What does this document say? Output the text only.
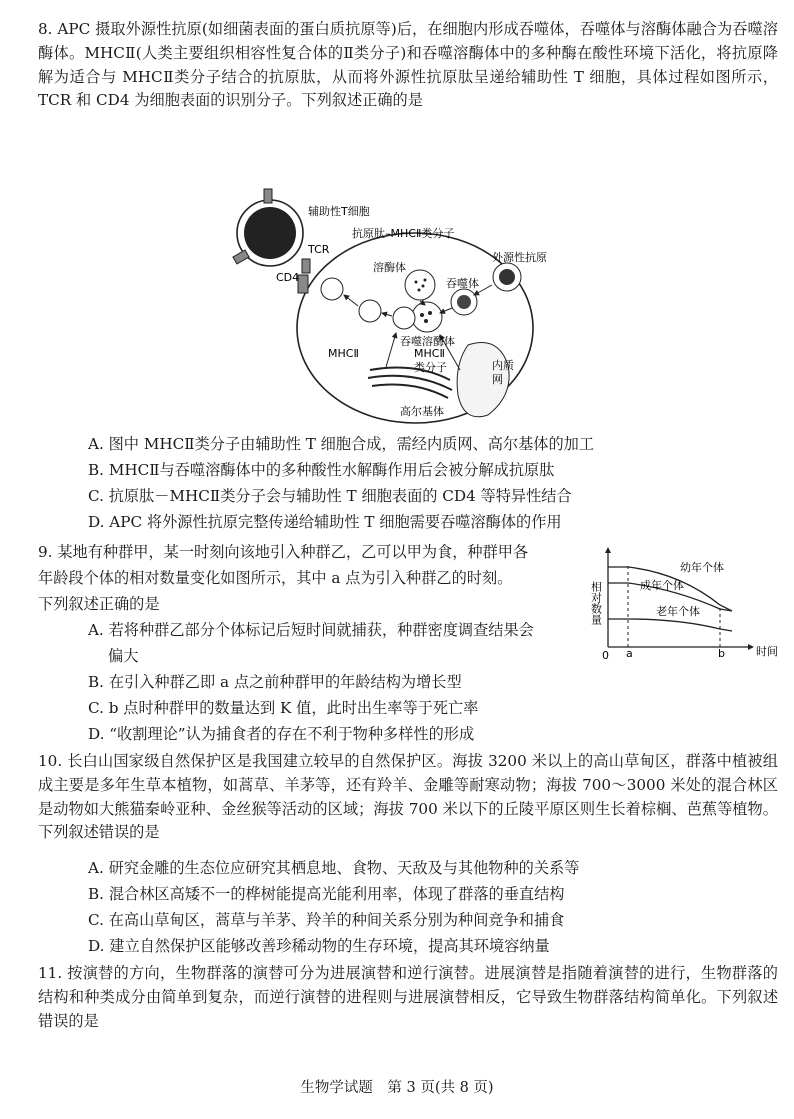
8. APC 摄取外源性抗原(如细菌表面的蛋白质抗原等)后，在细胞内形成吞噬体，吞噬体与溶酶体融合为吞噬溶酶体。MHCⅡ(人类主要组织相容性复合体的Ⅱ类分子)和吞噬溶酶体中的多种酶在酸性环境下活化，将抗原降解为适合与 MHCⅡ类分子结合的抗原肽，从而将外源性抗原肽呈递给辅助性 T 细胞，具体过程如图所示，TCR 和 CD4 为细胞表面的识别分子。下列叙述正确的是

辅助性T细胞
TCR
CD4
抗原肽–MHCⅡ类分子
外源性抗原
溶酶体
吞噬体
吞噬溶酶体
MHCⅡ	MHCⅡ
类分子	内质
网
高尔基体
A. 图中 MHCⅡ类分子由辅助性 T 细胞合成，需经内质网、高尔基体的加工
B. MHCⅡ与吞噬溶酶体中的多种酸性水解酶作用后会被分解成抗原肽
C. 抗原肽－MHCⅡ类分子会与辅助性 T 细胞表面的 CD4 等特异性结合
D. APC 将外源性抗原完整传递给辅助性 T 细胞需要吞噬溶酶体的作用
9. 某地有种群甲，某一时刻向该地引入种群乙，乙可以甲为食，种群甲各
年龄段个体的相对数量变化如图所示，其中 a 点为引入种群乙的时刻。
下列叙述正确的是
A. 若将种群乙部分个体标记后短时间就捕获，种群密度调查结果会
偏大
B. 在引入种群乙即 a 点之前种群甲的年龄结构为增长型
C. b 点时种群甲的数量达到 K 值，此时出生率等于死亡率
D. “收割理论”认为捕食者的存在不利于物种多样性的形成
相对数量
时间
0 a	b
幼年个体
成年个体
老年个体

10. 长白山国家级自然保护区是我国建立较早的自然保护区。海拔 3200 米以上的高山草甸区，群落中植被组成主要是多年生草本植物，如蒿草、羊茅等，还有羚羊、金雕等耐寒动物；海拔 700～3000 米处的混合林区是动物如大熊猫秦岭亚种、金丝猴等活动的区域；海拔 700 米以下的丘陵平原区则生长着棕榈、芭蕉等植物。下列叙述错误的是

A. 研究金雕的生态位应研究其栖息地、食物、天敌及与其他物种的关系等
B. 混合林区高矮不一的桦树能提高光能利用率，体现了群落的垂直结构
C. 在高山草甸区，蒿草与羊茅、羚羊的种间关系分别为种间竞争和捕食
D. 建立自然保护区能够改善珍稀动物的生存环境，提高其环境容纳量

11. 按演替的方向，生物群落的演替可分为进展演替和逆行演替。进展演替是指随着演替的进行，生物群落的结构和种类成分由简单到复杂，而逆行演替的进程则与进展演替相反，它导致生物群落结构简单化。下列叙述错误的是

生物学试题　第 3 页(共 8 页)
